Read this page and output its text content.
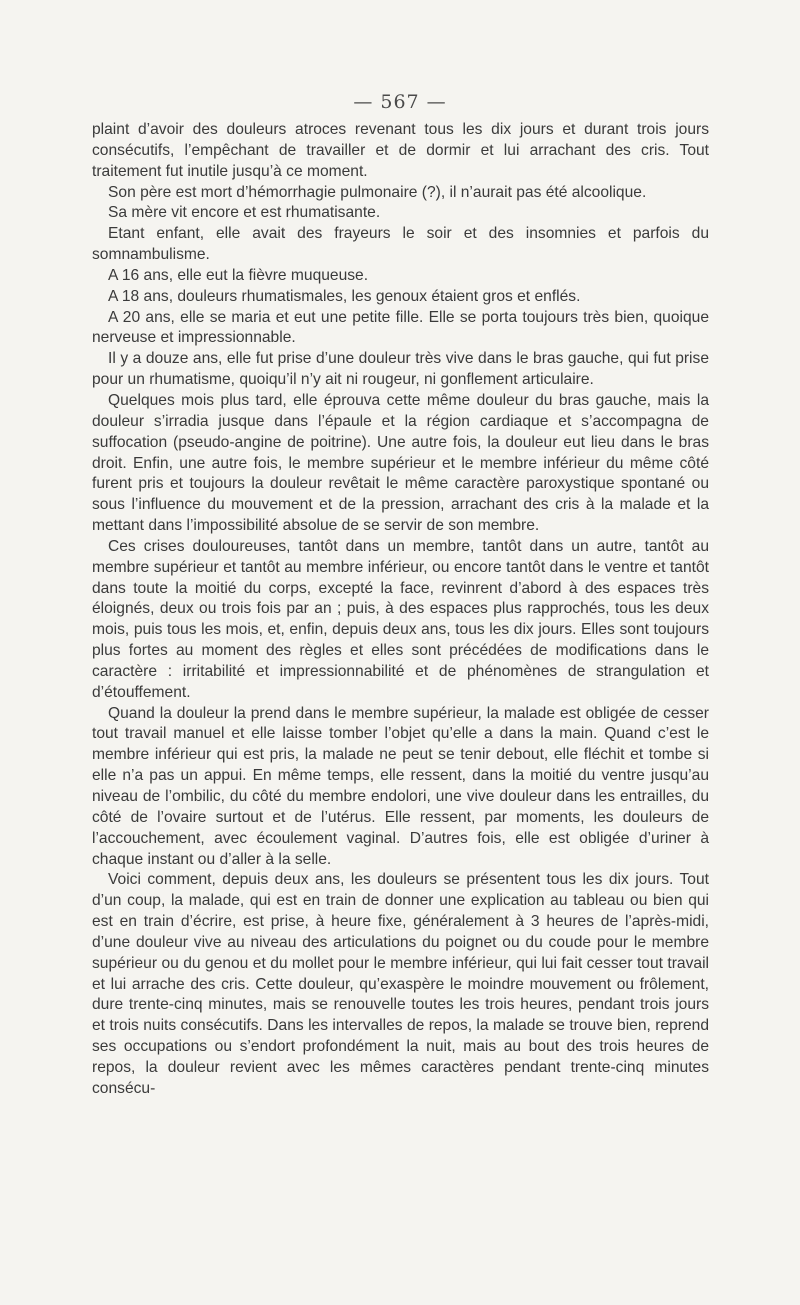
— 567 —

plaint d’avoir des douleurs atroces revenant tous les dix jours et durant trois jours consécutifs, l’empêchant de travailler et de dormir et lui arrachant des cris. Tout traitement fut inutile jusqu’à ce moment.

Son père est mort d’hémorrhagie pulmonaire (?), il n’aurait pas été alcoolique.

Sa mère vit encore et est rhumatisante.

Etant enfant, elle avait des frayeurs le soir et des insomnies et parfois du somnambulisme.

A 16 ans, elle eut la fièvre muqueuse.

A 18 ans, douleurs rhumatismales, les genoux étaient gros et enflés.

A 20 ans, elle se maria et eut une petite fille. Elle se porta toujours très bien, quoique nerveuse et impressionnable.

Il y a douze ans, elle fut prise d’une douleur très vive dans le bras gauche, qui fut prise pour un rhumatisme, quoiqu’il n’y ait ni rougeur, ni gonflement articulaire.

Quelques mois plus tard, elle éprouva cette même douleur du bras gauche, mais la douleur s’irradia jusque dans l’épaule et la région cardiaque et s’accompagna de suffocation (pseudo-angine de poitrine). Une autre fois, la douleur eut lieu dans le bras droit. Enfin, une autre fois, le membre supérieur et le membre inférieur du même côté furent pris et toujours la douleur revêtait le même caractère paroxystique spontané ou sous l’influence du mouvement et de la pression, arrachant des cris à la malade et la mettant dans l’impossibilité absolue de se servir de son membre.

Ces crises douloureuses, tantôt dans un membre, tantôt dans un autre, tantôt au membre supérieur et tantôt au membre inférieur, ou encore tantôt dans le ventre et tantôt dans toute la moitié du corps, excepté la face, revinrent d’abord à des espaces très éloignés, deux ou trois fois par an ; puis, à des espaces plus rapprochés, tous les deux mois, puis tous les mois, et, enfin, depuis deux ans, tous les dix jours. Elles sont toujours plus fortes au moment des règles et elles sont précédées de modifications dans le caractère : irritabilité et impressionnabilité et de phénomènes de strangulation et d’étouffement.

Quand la douleur la prend dans le membre supérieur, la malade est obligée de cesser tout travail manuel et elle laisse tomber l’objet qu’elle a dans la main. Quand c’est le membre inférieur qui est pris, la malade ne peut se tenir debout, elle fléchit et tombe si elle n’a pas un appui. En même temps, elle ressent, dans la moitié du ventre jusqu’au niveau de l’ombilic, du côté du membre endolori, une vive douleur dans les entrailles, du côté de l’ovaire surtout et de l’utérus. Elle ressent, par moments, les douleurs de l’accouchement, avec écoulement vaginal. D’autres fois, elle est obligée d’uriner à chaque instant ou d’aller à la selle.

Voici comment, depuis deux ans, les douleurs se présentent tous les dix jours. Tout d’un coup, la malade, qui est en train de donner une explication au tableau ou bien qui est en train d’écrire, est prise, à heure fixe, généralement à 3 heures de l’après-midi, d’une douleur vive au niveau des articulations du poignet ou du coude pour le membre supérieur ou du genou et du mollet pour le membre inférieur, qui lui fait cesser tout travail et lui arrache des cris. Cette douleur, qu’exaspère le moindre mouvement ou frôlement, dure trente-cinq minutes, mais se renouvelle toutes les trois heures, pendant trois jours et trois nuits consécutifs. Dans les intervalles de repos, la malade se trouve bien, reprend ses occupations ou s’endort profondément la nuit, mais au bout des trois heures de repos, la douleur revient avec les mêmes caractères pendant trente-cinq minutes consécu-
